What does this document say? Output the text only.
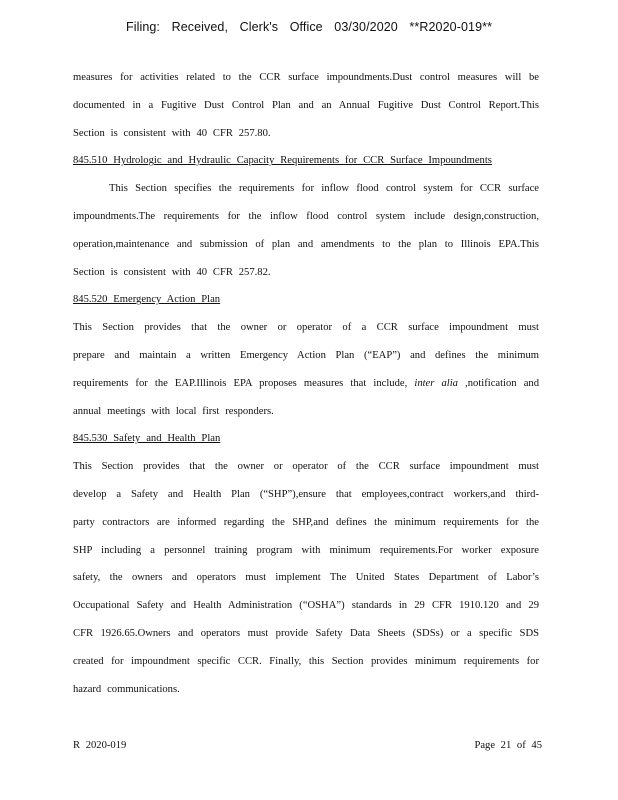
Filing: Received, Clerk's Office 03/30/2020 **R2020-019**
measures for activities related to the CCR surface impoundments.Dust control measures will be
documented in a Fugitive Dust Control Plan and an Annual Fugitive Dust Control Report.This
Section is consistent with 40 CFR 257.80.
845.510 Hydrologic and Hydraulic Capacity Requirements for CCR Surface Impoundments
This Section specifies the requirements for inflow flood control system for CCR surface
impoundments.The requirements for the inflow flood control system include design,construction,
operation,maintenance and submission of plan and amendments to the plan to Illinois EPA.This
Section is consistent with 40 CFR 257.82.
845.520 Emergency Action Plan
This Section provides that the owner or operator of a CCR surface impoundment must
prepare and maintain a written Emergency Action Plan (“EAP”) and defines the minimum
requirements for the EAP.Illinois EPA proposes measures that include, inter alia ,notification and
annual meetings with local first responders.
845.530 Safety and Health Plan
This Section provides that the owner or operator of the CCR surface impoundment must
develop a Safety and Health Plan (“SHP”),ensure that employees,contract workers,and third-
party contractors are informed regarding the SHP,and defines the minimum requirements for the
SHP including a personnel training program with minimum requirements.For worker exposure
safety, the owners and operators must implement The United States Department of Labor’s
Occupational Safety and Health Administration (“OSHA”) standards in 29 CFR 1910.120 and 29
CFR 1926.65.Owners and operators must provide Safety Data Sheets (SDSs) or a specific SDS
created for impoundment specific CCR. Finally, this Section provides minimum requirements for
hazard communications.
R 2020-019	Page 21 of 45
